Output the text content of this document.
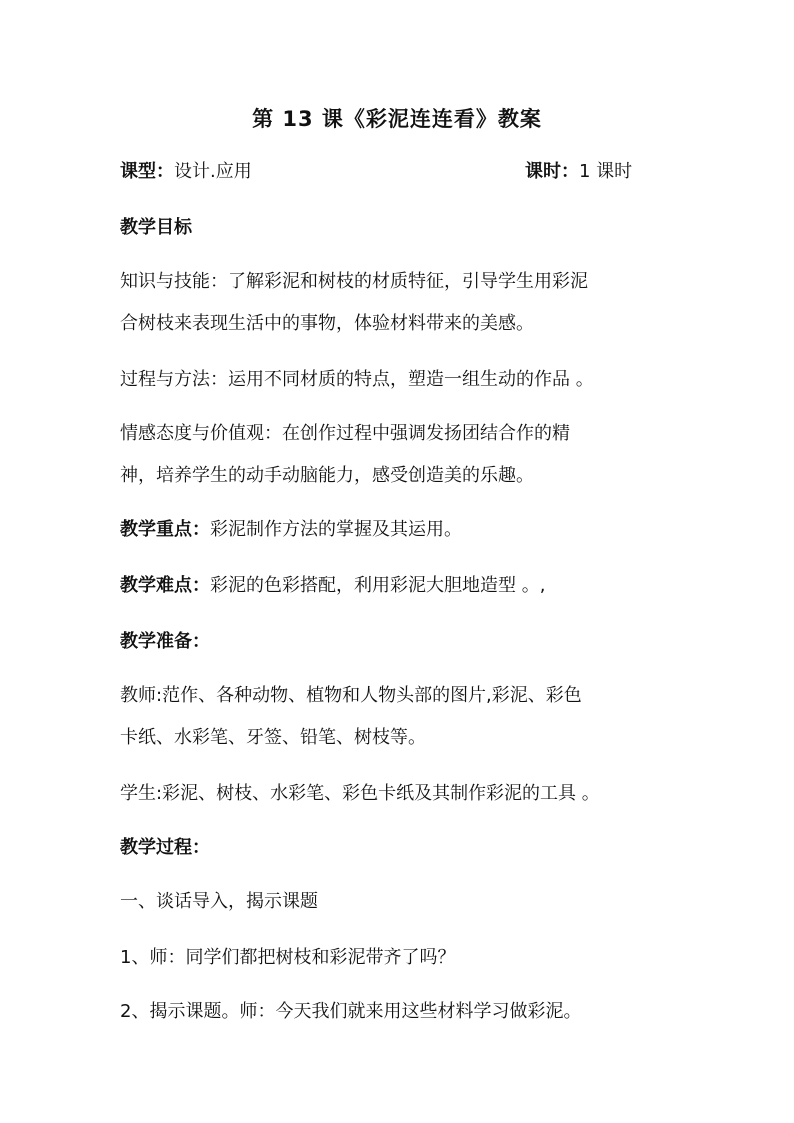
第 13 课《彩泥连连看》教案
课型：设计.应用	课时：1 课时
教学目标
知识与技能：了解彩泥和树枝的材质特征，引导学生用彩泥
合树枝来表现生活中的事物，体验材料带来的美感。
过程与方法：运用不同材质的特点，塑造一组生动的作品 。
情感态度与价值观：在创作过程中强调发扬团结合作的精
神，培养学生的动手动脑能力，感受创造美的乐趣。
教学重点：彩泥制作方法的掌握及其运用。
教学难点：彩泥的色彩搭配，利用彩泥大胆地造型 。,
教学准备：
教师:范作、各种动物、植物和人物头部的图片,彩泥、彩色
卡纸、水彩笔、牙签、铅笔、树枝等。
学生:彩泥、树枝、水彩笔、彩色卡纸及其制作彩泥的工具 。
教学过程：
一、谈话导入，揭示课题
1、师：同学们都把树枝和彩泥带齐了吗？
2、揭示课题。师：今天我们就来用这些材料学习做彩泥。
